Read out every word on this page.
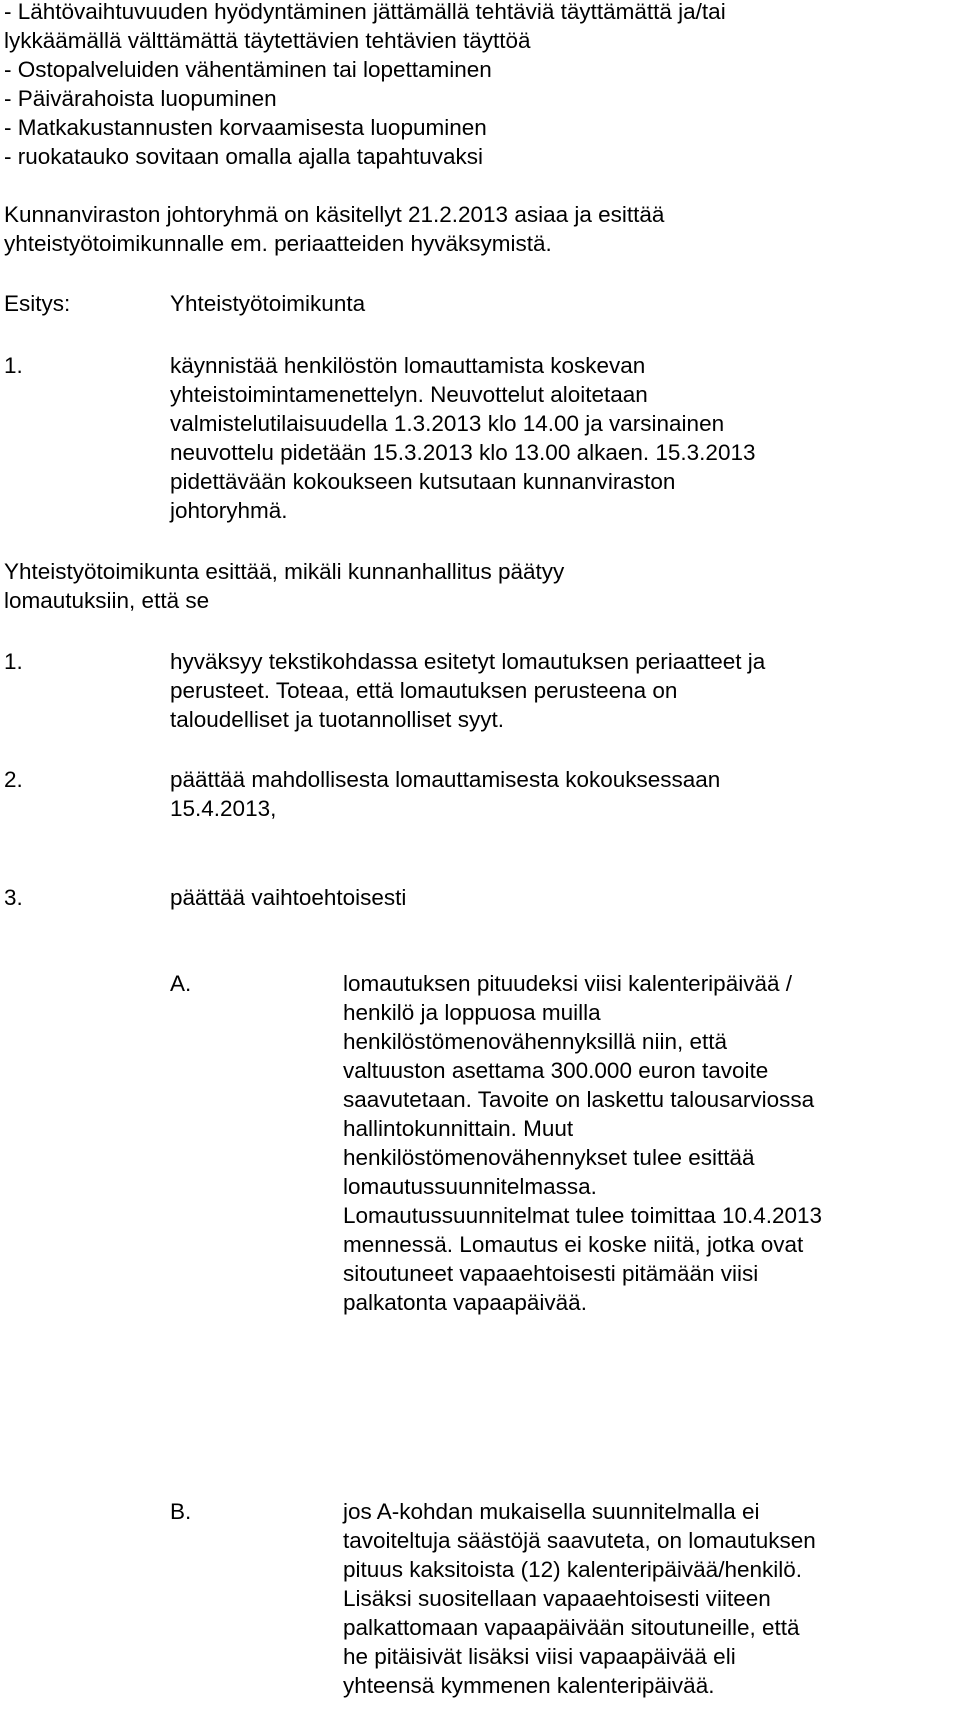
- Lähtövaihtuvuuden hyödyntäminen jättämällä tehtäviä täyttämättä ja/tai
lykkäämällä välttämättä täytettävien tehtävien täyttöä
- Ostopalveluiden vähentäminen tai lopettaminen
- Päivärahoista luopuminen
- Matkakustannusten korvaamisesta luopuminen
- ruokatauko sovitaan omalla ajalla tapahtuvaksi
Kunnanviraston johtoryhmä on käsitellyt 21.2.2013 asiaa ja esittää
yhteistyötoimikunnalle em. periaatteiden hyväksymistä.
Esitys:	Yhteistyötoimikunta
1.	käynnistää henkilöstön lomauttamista koskevan
yhteistoimintamenettelyn. Neuvottelut aloitetaan
valmistelutilaisuudella 1.3.2013 klo 14.00 ja varsinainen
neuvottelu pidetään 15.3.2013 klo 13.00 alkaen. 15.3.2013
pidettävään kokoukseen kutsutaan kunnanviraston
johtoryhmä.
Yhteistyötoimikunta esittää, mikäli kunnanhallitus päätyy
lomautuksiin, että se
1.	hyväksyy tekstikohdassa esitetyt lomautuksen periaatteet ja
perusteet. Toteaa, että lomautuksen perusteena on
taloudelliset ja tuotannolliset syyt.
2.	päättää mahdollisesta lomauttamisesta kokouksessaan
15.4.2013,
3.	päättää vaihtoehtoisesti
A.	lomautuksen pituudeksi viisi kalenteripäivää /
henkilö ja loppuosa muilla
henkilöstömenovähennyksillä niin, että
valtuuston asettama 300.000 euron tavoite
saavutetaan. Tavoite on laskettu talousarviossa
hallintokunnittain. Muut
henkilöstömenovähennykset tulee esittää
lomautussuunnitelmassa.
Lomautussuunnitelmat tulee toimittaa 10.4.2013
mennessä. Lomautus ei koske niitä, jotka ovat
sitoutuneet vapaaehtoisesti pitämään viisi
palkatonta vapaapäivää.
B.	jos A-kohdan mukaisella suunnitelmalla ei
tavoiteltuja säästöjä saavuteta, on lomautuksen
pituus kaksitoista (12) kalenteripäivää/henkilö.
Lisäksi suositellaan vapaaehtoisesti viiteen
palkattomaan vapaapäivään sitoutuneille, että
he pitäisivät lisäksi viisi vapaapäivää eli
yhteensä kymmenen kalenteripäivää.
